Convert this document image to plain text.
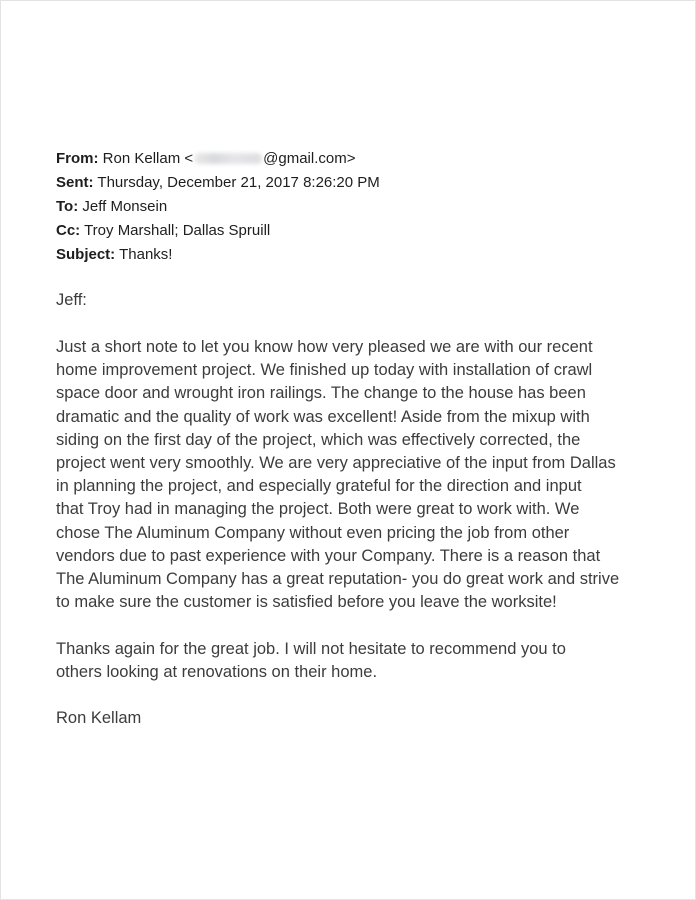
From: Ron Kellam <	@gmail.com>
Sent: Thursday, December 21, 2017 8:26:20 PM
To: Jeff Monsein
Cc: Troy Marshall; Dallas Spruill
Subject: Thanks!
Jeff:
Just a short note to let you know how very pleased we are with our recent
home improvement project. We finished up today with installation of crawl
space door and wrought iron railings. The change to the house has been
dramatic and the quality of work was excellent! Aside from the mixup with
siding on the first day of the project, which was effectively corrected, the
project went very smoothly. We are very appreciative of the input from Dallas
in planning the project, and especially grateful for the direction and input
that Troy had in managing the project. Both were great to work with. We
chose The Aluminum Company without even pricing the job from other
vendors due to past experience with your Company. There is a reason that
The Aluminum Company has a great reputation- you do great work and strive
to make sure the customer is satisfied before you leave the worksite!
Thanks again for the great job. I will not hesitate to recommend you to
others looking at renovations on their home.
Ron Kellam
